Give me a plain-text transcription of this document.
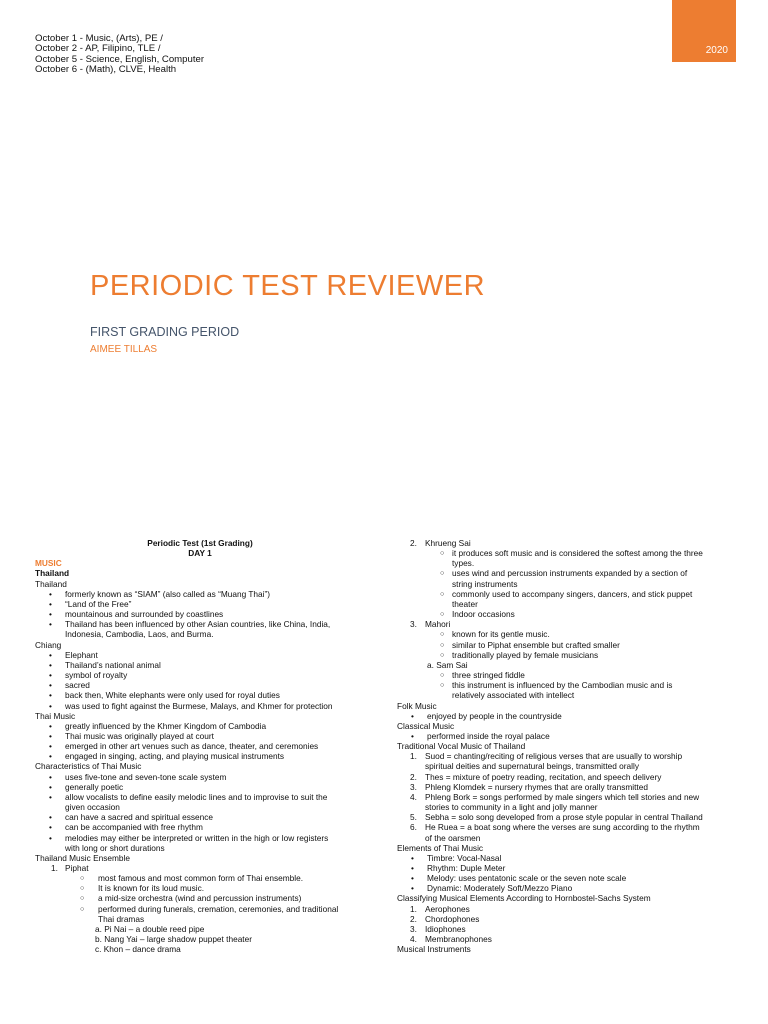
October 1 - Music, (Arts), PE /
October 2 - AP, Filipino, TLE /
October 5 - Science, English, Computer
October 6 - (Math), CLVE, Health
2020
PERIODIC TEST REVIEWER
FIRST GRADING PERIOD
AIMEE TILLAS
Periodic Test (1st Grading)
DAY 1
MUSIC
Thailand
Thailand
• formerly known as “SIAM” (also called as “Muang Thai”)
• “Land of the Free”
• mountainous and surrounded by coastlines
• Thailand has been influenced by other Asian countries, like China, India,
Indonesia, Cambodia, Laos, and Burma.
Chiang
• Elephant
• Thailand’s national animal
• symbol of royalty
• sacred
• back then, White elephants were only used for royal duties
• was used to fight against the Burmese, Malays, and Khmer for protection
Thai Music
• greatly influenced by the Khmer Kingdom of Cambodia
• Thai music was originally played at court
• emerged in other art venues such as dance, theater, and ceremonies
• engaged in singing, acting, and playing musical instruments
Characteristics of Thai Music
• uses five-tone and seven-tone scale system
• generally poetic
• allow vocalists to define easily melodic lines and to improvise to suit the
given occasion
• can have a sacred and spiritual essence
• can be accompanied with free rhythm
• melodies may either be interpreted or written in the high or low registers
with long or short durations
Thailand Music Ensemble
1. Piphat
○ most famous and most common form of Thai ensemble.
○ It is known for its loud music.
○ a mid-size orchestra (wind and percussion instruments)
○ performed during funerals, cremation, ceremonies, and traditional
Thai dramas
a. Pi Nai – a double reed pipe
b. Nang Yai – large shadow puppet theater
c. Khon – dance drama
2. Khrueng Sai
○ it produces soft music and is considered the softest among the three
types.
○ uses wind and percussion instruments expanded by a section of
string instruments
○ commonly used to accompany singers, dancers, and stick puppet
theater
○ Indoor occasions
3. Mahori
○ known for its gentle music.
○ similar to Piphat ensemble but crafted smaller
○ traditionally played by female musicians
a. Sam Sai
○ three stringed fiddle
○ this instrument is influenced by the Cambodian music and is
relatively associated with intellect
Folk Music
• enjoyed by people in the countryside
Classical Music
• performed inside the royal palace
Traditional Vocal Music of Thailand
1. Suod = chanting/reciting of religious verses that are usually to worship
spiritual deities and supernatural beings, transmitted orally
2. Thes = mixture of poetry reading, recitation, and speech delivery
3. Phleng Klomdek = nursery rhymes that are orally transmitted
4. Phleng Bork = songs performed by male singers which tell stories and new
stories to community in a light and jolly manner
5. Sebha = solo song developed from a prose style popular in central Thailand
6. He Ruea = a boat song where the verses are sung according to the rhythm
of the oarsmen
Elements of Thai Music
• Timbre: Vocal-Nasal
• Rhythm: Duple Meter
• Melody: uses pentatonic scale or the seven note scale
• Dynamic: Moderately Soft/Mezzo Piano
Classifying Musical Elements According to Hornbostel-Sachs System
1. Aerophones
2. Chordophones
3. Idiophones
4. Membranophones
Musical Instruments
